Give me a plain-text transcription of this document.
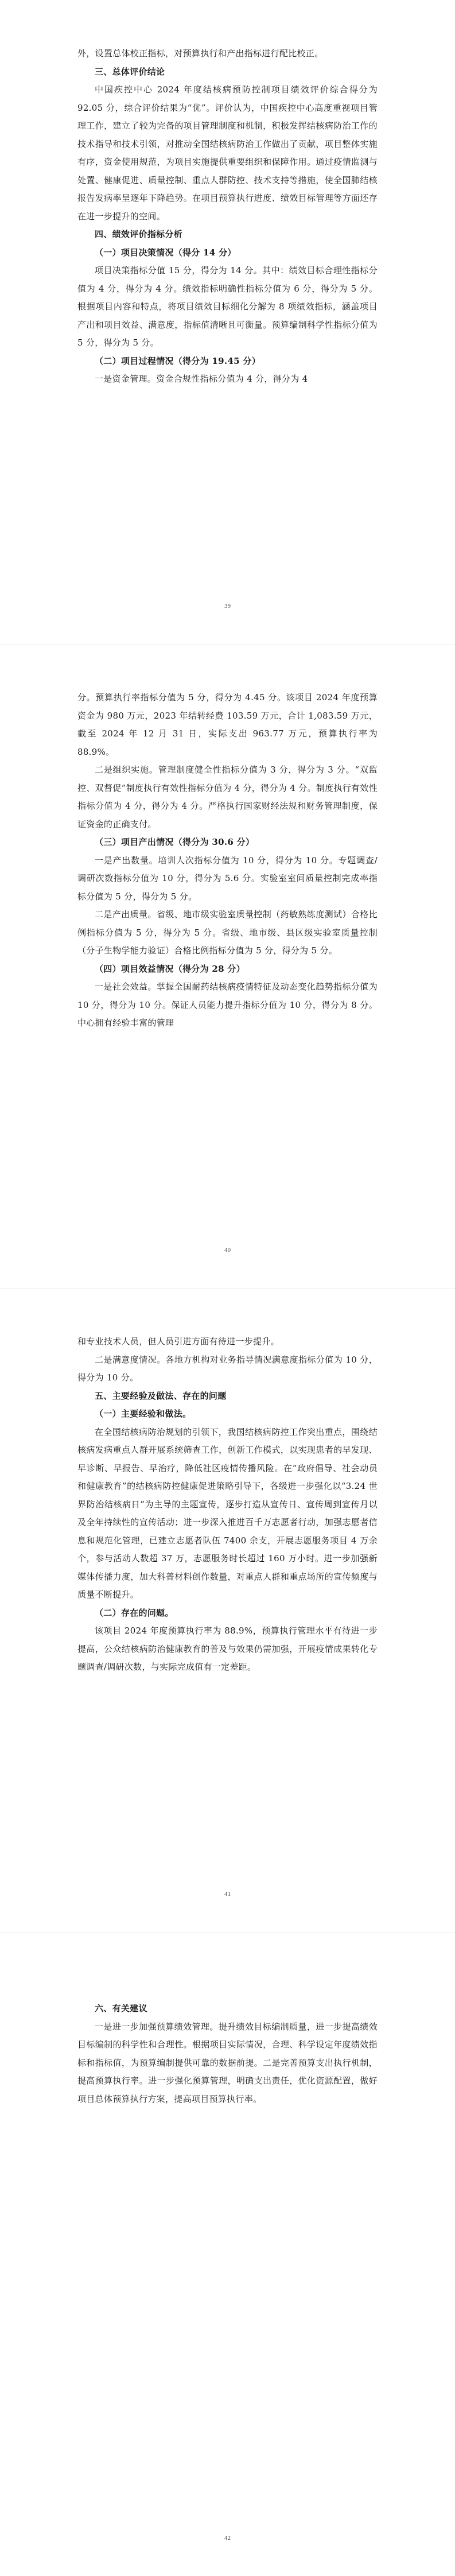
外，设置总体校正指标，对预算执行和产出指标进行配比校正。

三、总体评价结论

中国疾控中心 2024 年度结核病预防控制项目绩效评价综合得分为 92.05 分，综合评价结果为“优”。评价认为，中国疾控中心高度重视项目管理工作，建立了较为完备的项目管理制度和机制，积极发挥结核病防治工作的技术指导和技术引领，对推动全国结核病防治工作做出了贡献，项目整体实施有序，资金使用规范，为项目实施提供重要组织和保障作用。通过疫情监测与处置、健康促进、质量控制、重点人群防控、技术支持等措施，使全国肺结核报告发病率呈逐年下降趋势。在项目预算执行进度、绩效目标管理等方面还存在进一步提升的空间。

四、绩效评价指标分析

（一）项目决策情况（得分 14 分）

项目决策指标分值 15 分，得分为 14 分。其中：绩效目标合理性指标分值为 4 分，得分为 4 分。绩效指标明确性指标分值为 6 分，得分为 5 分。根据项目内容和特点，将项目绩效目标细化分解为 8 项绩效指标，涵盖项目产出和项目效益、满意度，指标值清晰且可衡量。预算编制科学性指标分值为 5 分，得分为 5 分。

（二）项目过程情况（得分为 19.45 分）

一是资金管理。资金合规性指标分值为 4 分，得分为 4

39

分。预算执行率指标分值为 5 分，得分为 4.45 分。该项目 2024 年度预算资金为 980 万元，2023 年结转经费 103.59 万元，合计 1,083.59 万元，截至 2024 年 12 月 31 日，实际支出 963.77 万元，预算执行率为 88.9%。

二是组织实施。管理制度健全性指标分值为 3 分，得分为 3 分。“双监控、双督促”制度执行有效性指标分值为 4 分，得分为 4 分。制度执行有效性指标分值为 4 分，得分为 4 分。严格执行国家财经法规和财务管理制度，保证资金的正确支付。

（三）项目产出情况（得分为 30.6 分）

一是产出数量。培训人次指标分值为 10 分，得分为 10 分。专题调查/调研次数指标分值为 10 分，得分为 5.6 分。实验室室间质量控制完成率指标分值为 5 分，得分为 5 分。

二是产出质量。省级、地市级实验室质量控制（药敏熟练度测试）合格比例指标分值为 5 分，得分为 5 分。省级、地市级、县区级实验室质量控制（分子生物学能力验证）合格比例指标分值为 5 分，得分为 5 分。

（四）项目效益情况（得分为 28 分）

一是社会效益。掌握全国耐药结核病疫情特征及动态变化趋势指标分值为 10 分，得分为 10 分。保证人员能力提升指标分值为 10 分，得分为 8 分。中心拥有经验丰富的管理

40

和专业技术人员，但人员引进方面有待进一步提升。

二是满意度情况。各地方机构对业务指导情况满意度指标分值为 10 分，得分为 10 分。

五、主要经验及做法、存在的问题

（一）主要经验和做法。

在全国结核病防治规划的引领下，我国结核病防控工作突出重点，围绕结核病发病重点人群开展系统筛查工作，创新工作模式，以实现患者的早发现、早诊断、早报告、早治疗，降低社区疫情传播风险。在“政府倡导、社会动员和健康教育”的结核病防控健康促进策略引导下，各级进一步强化以“3.24 世界防治结核病日”为主导的主题宣传，逐步打造从宣传日、宣传周到宣传月以及全年持续性的宣传活动；进一步深入推进百千万志愿者行动，加强志愿者信息和规范化管理，已建立志愿者队伍 7400 余支，开展志愿服务项目 4 万余个，参与活动人数超 37 万，志愿服务时长超过 160 万小时。进一步加强新媒体传播力度，加大科普材料创作数量，对重点人群和重点场所的宣传频度与质量不断提升。

（二）存在的问题。

该项目 2024 年度预算执行率为 88.9%，预算执行管理水平有待进一步提高，公众结核病防治健康教育的普及与效果仍需加强，开展疫情成果转化专题调查/调研次数，与实际完成值有一定差距。

41

六、有关建议

一是进一步加强预算绩效管理。提升绩效目标编制质量，进一步提高绩效目标编制的科学性和合理性。根据项目实际情况，合理、科学设定年度绩效指标和指标值，为预算编制提供可靠的数据前提。二是完善预算支出执行机制，提高预算执行率。进一步强化预算管理，明确支出责任，优化资源配置，做好项目总体预算执行方案，提高项目预算执行率。

42
